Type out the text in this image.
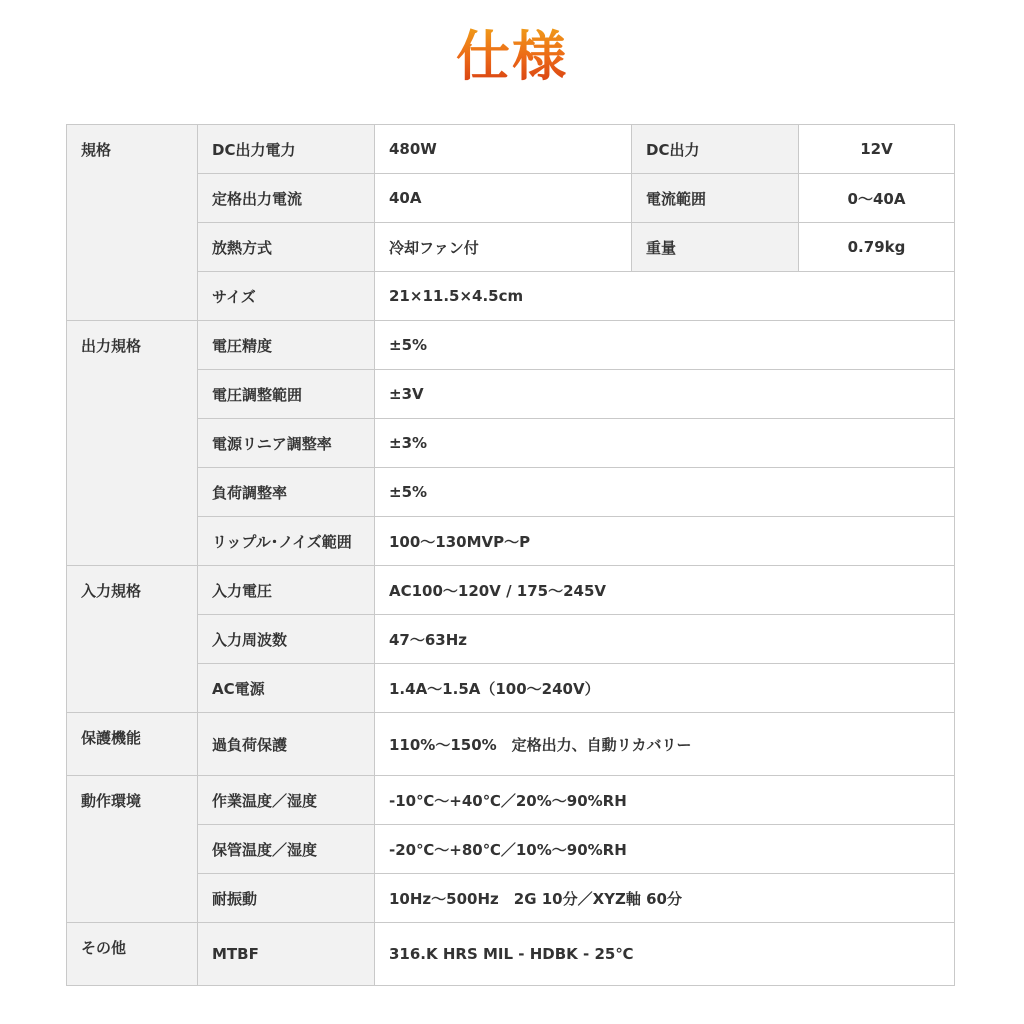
仕様
規格	DC出力電力	480W	DC出力	12V
	定格出力電流	40A	電流範囲	0～40A
	放熱方式	冷却ファン付	重量	0.79kg
	サイズ	21×11.5×4.5cm		
出力規格	電圧精度	±5%		
	電圧調整範囲	±3V		
	電源リニア調整率	±3%		
	負荷調整率	±5%		
	リップル･ノイズ範囲	100～130MVP～P		
入力規格	入力電圧	AC100～120V / 175～245V		
	入力周波数	47～63Hz		
	AC電源	1.4A～1.5A（100～240V）		
保護機能	過負荷保護	110%～150%　定格出力、自動リカバリー		
動作環境	作業温度／湿度	-10℃～+40℃／20%～90%RH		
	保管温度／湿度	-20℃～+80℃／10%～90%RH		
	耐振動	10Hz～500Hz　2G 10分／XYZ軸 60分		
その他	MTBF	316.K HRS MIL - HDBK - 25℃		
